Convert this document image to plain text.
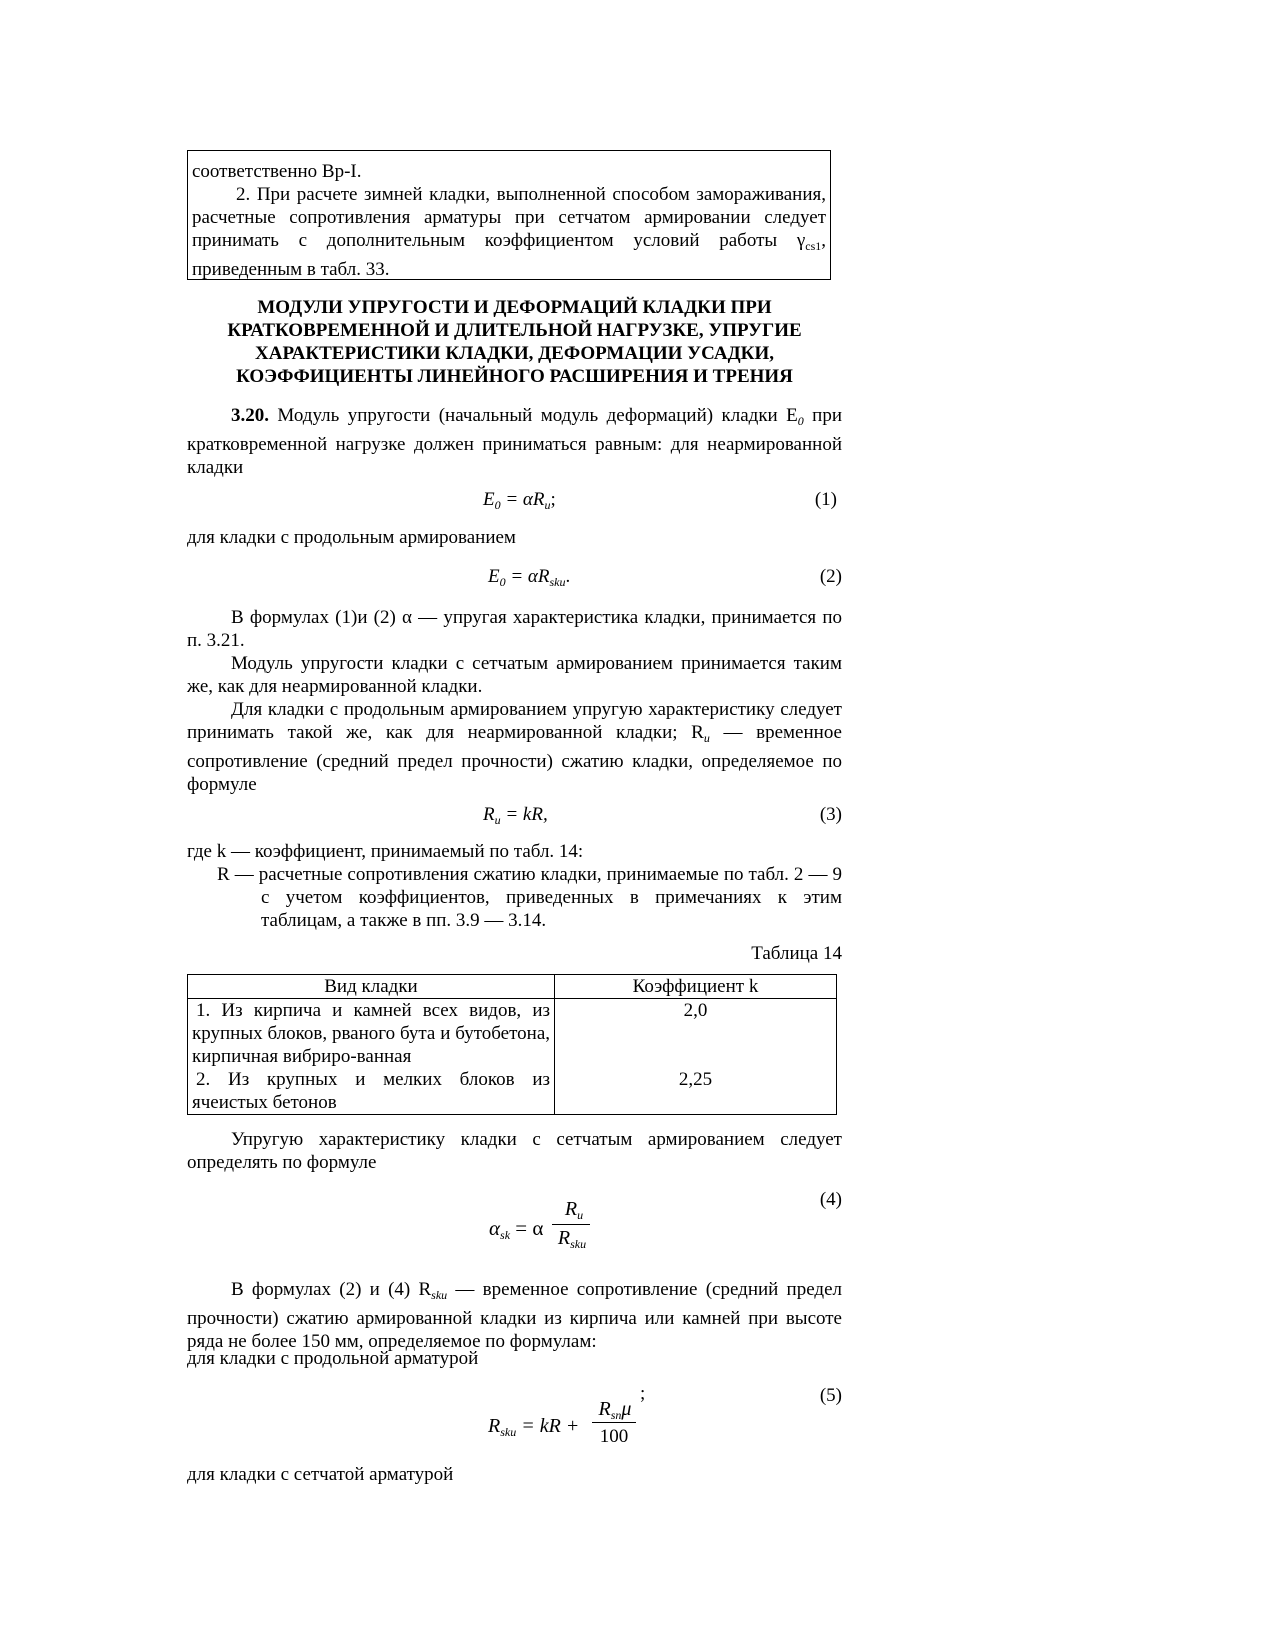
соответственно Вр-I.
2. При расчете зимней кладки, выполненной способом замораживания, расчетные сопротивления арматуры при сетчатом армировании следует принимать с дополнительным коэффициентом условий работы $\gamma_{cs1}$, приведенным в табл. 33.
МОДУЛИ УПРУГОСТИ И ДЕФОРМАЦИЙ КЛАДКИ ПРИ КРАТКОВРЕМЕННОЙ И ДЛИТЕЛЬНОЙ НАГРУЗКЕ, УПРУГИЕ ХАРАКТЕРИСТИКИ КЛАДКИ, ДЕФОРМАЦИИ УСАДКИ, КОЭФФИЦИЕНТЫ ЛИНЕЙНОГО РАСШИРЕНИЯ И ТРЕНИЯ
3.20. Модуль упругости (начальный модуль деформаций) кладки $E_0$ при кратковременной нагрузке должен приниматься равным: для неармированной кладки
$E_0 = \alpha R_u$;	(1)
для кладки с продольным армированием
$E_0 = \alpha R_{sku}$.	(2)
В формулах (1)и (2) α — упругая характеристика кладки, принимается по п. 3.21.
Модуль упругости кладки с сетчатым армированием принимается таким же, как для неармированной кладки.
Для кладки с продольным армированием упругую характеристику следует принимать такой же, как для неармированной кладки; $R_u$ — временное сопротивление (средний предел прочности) сжатию кладки, определяемое по формуле
$R_u$ = kR,	(3)
где k — коэффициент, принимаемый по табл. 14:
R — расчетные сопротивления сжатию кладки, принимаемые по табл. 2 — 9 с учетом коэффициентов, приведенных в примечаниях к этим таблицам, а также в пп. 3.9 — 3.14.
Таблица 14
Вид кладки	Коэффициент k
1. Из кирпича и камней всех видов, из крупных блоков, рваного бута и бутобетона, кирпичная вибриро-ванная	2,0
2. Из крупных и мелких блоков из ячеистых бетонов	2,25
Упругую характеристику кладки с сетчатым армированием следует определять по формуле
(4)
$\alpha_{sk} = \alpha$
$R_u$
$R_{sku}$
В формулах (2) и (4) $R_{sku}$ — временное сопротивление (средний предел прочности) сжатию армированной кладки из кирпича или камней при высоте ряда не более 150 мм, определяемое по формулам:
для кладки с продольной арматурой
(5)
$R_{sku}$ = kR +
$R_{sn}\mu$
100
;
для кладки с сетчатой арматурой
